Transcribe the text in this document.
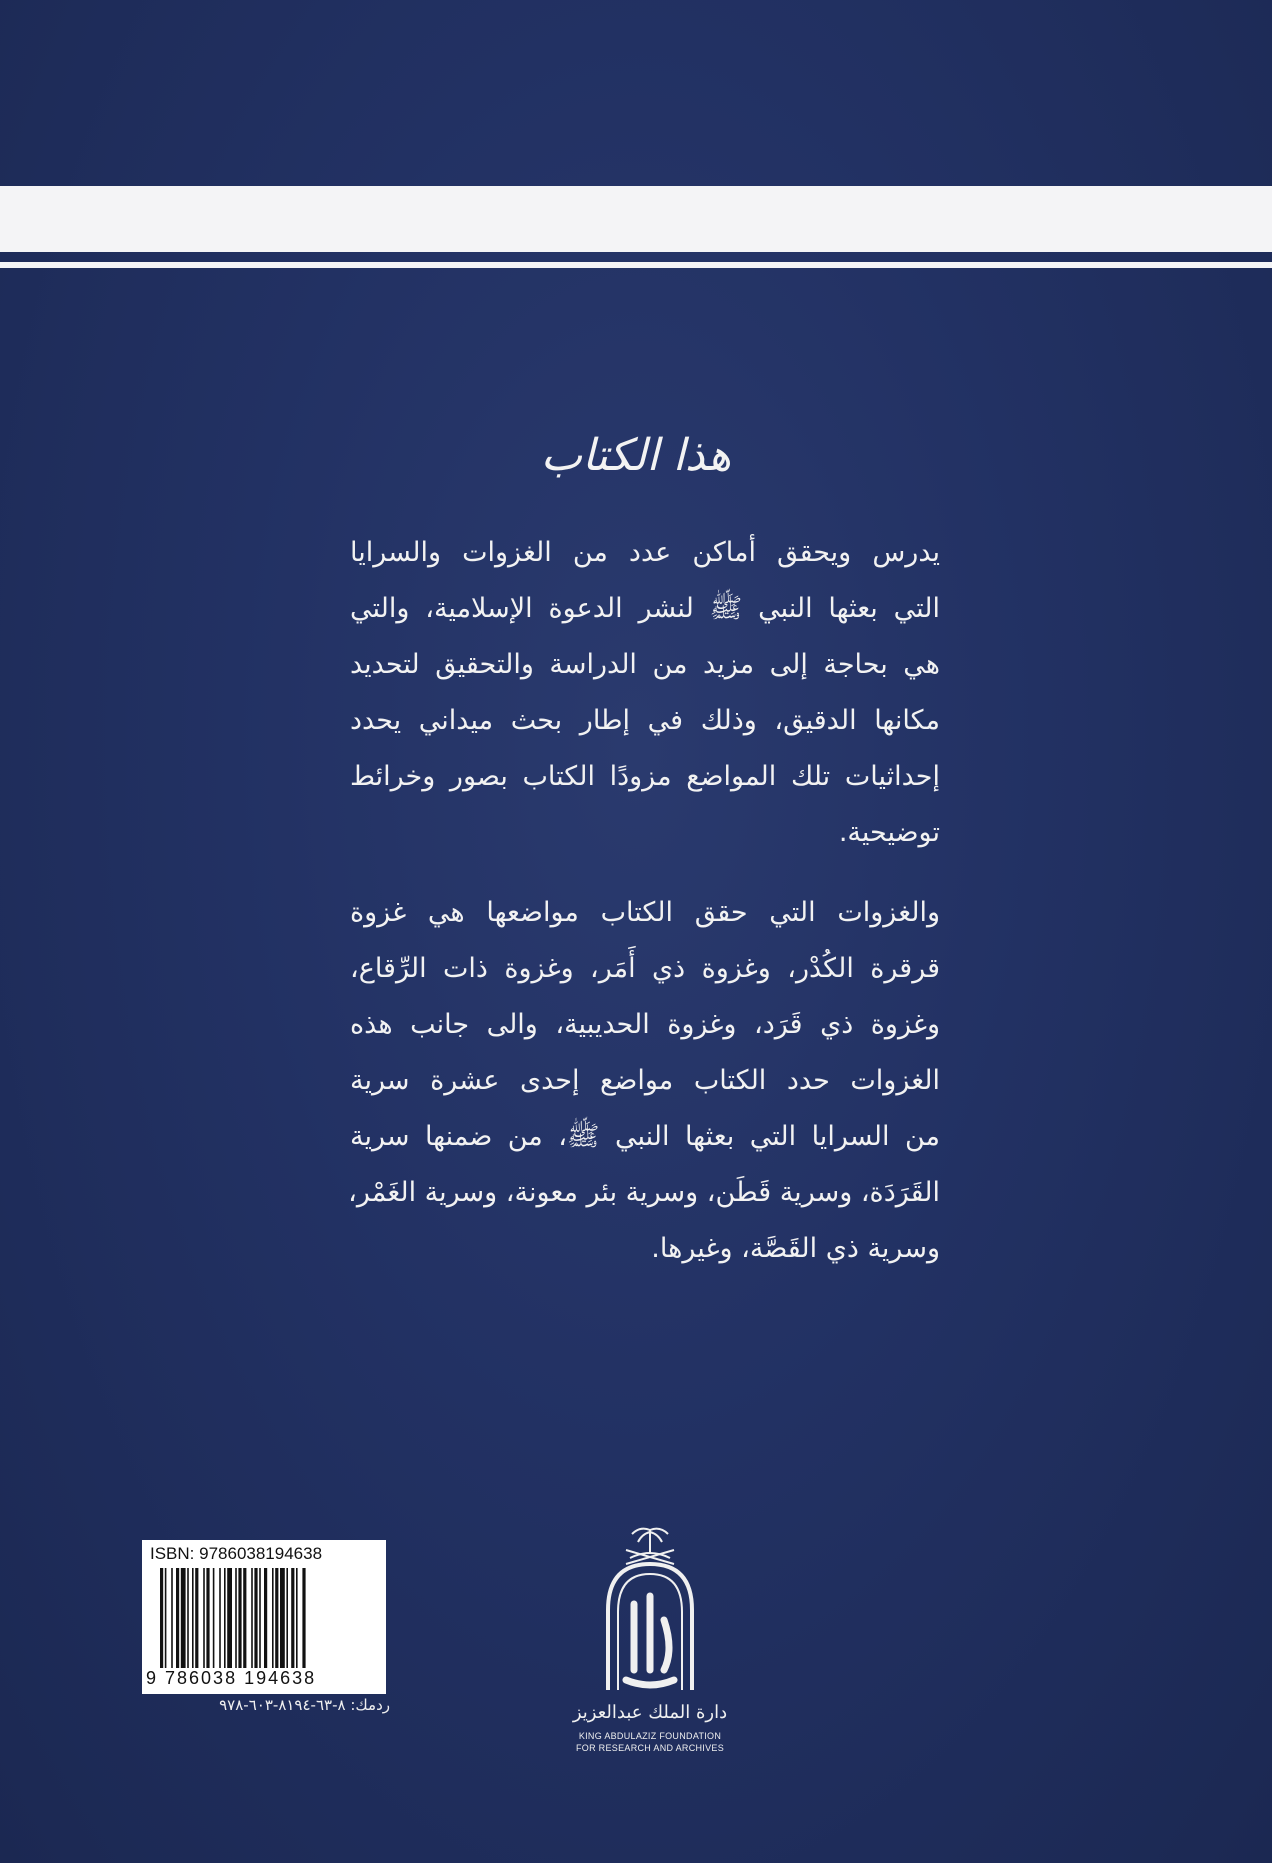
هذا الكتاب

يدرس ويحقق أماكن عدد من الغزوات والسرايا
التي بعثها النبي ﷺ لنشر الدعوة الإسلامية، والتي
هي بحاجة إلى مزيد من الدراسة والتحقيق لتحديد
مكانها الدقيق، وذلك في إطار بحث ميداني يحدد
إحداثيات تلك المواضع مزودًا الكتاب بصور وخرائط
توضيحية.

والغزوات التي حقق الكتاب مواضعها هي غزوة
قرقرة الكُدْر، وغزوة ذي أَمَر، وغزوة ذات الرِّقاع،
وغزوة ذي قَرَد، وغزوة الحديبية، والى جانب هذه
الغزوات حدد الكتاب مواضع إحدى عشرة سرية
من السرايا التي بعثها النبي ﷺ، من ضمنها سرية
القَرَدَة، وسرية قَطَن، وسرية بئر معونة، وسرية الغَمْر،
وسرية ذي القَصَّة، وغيرها.

ISBN: 9786038194638
9 786038 194638
ردمك: ٨-٦٣-٨١٩٤-٦٠٣-٩٧٨	دارة الملك عبدالعزيز
KING ABDULAZIZ FOUNDATION
FOR RESEARCH AND ARCHIVES
